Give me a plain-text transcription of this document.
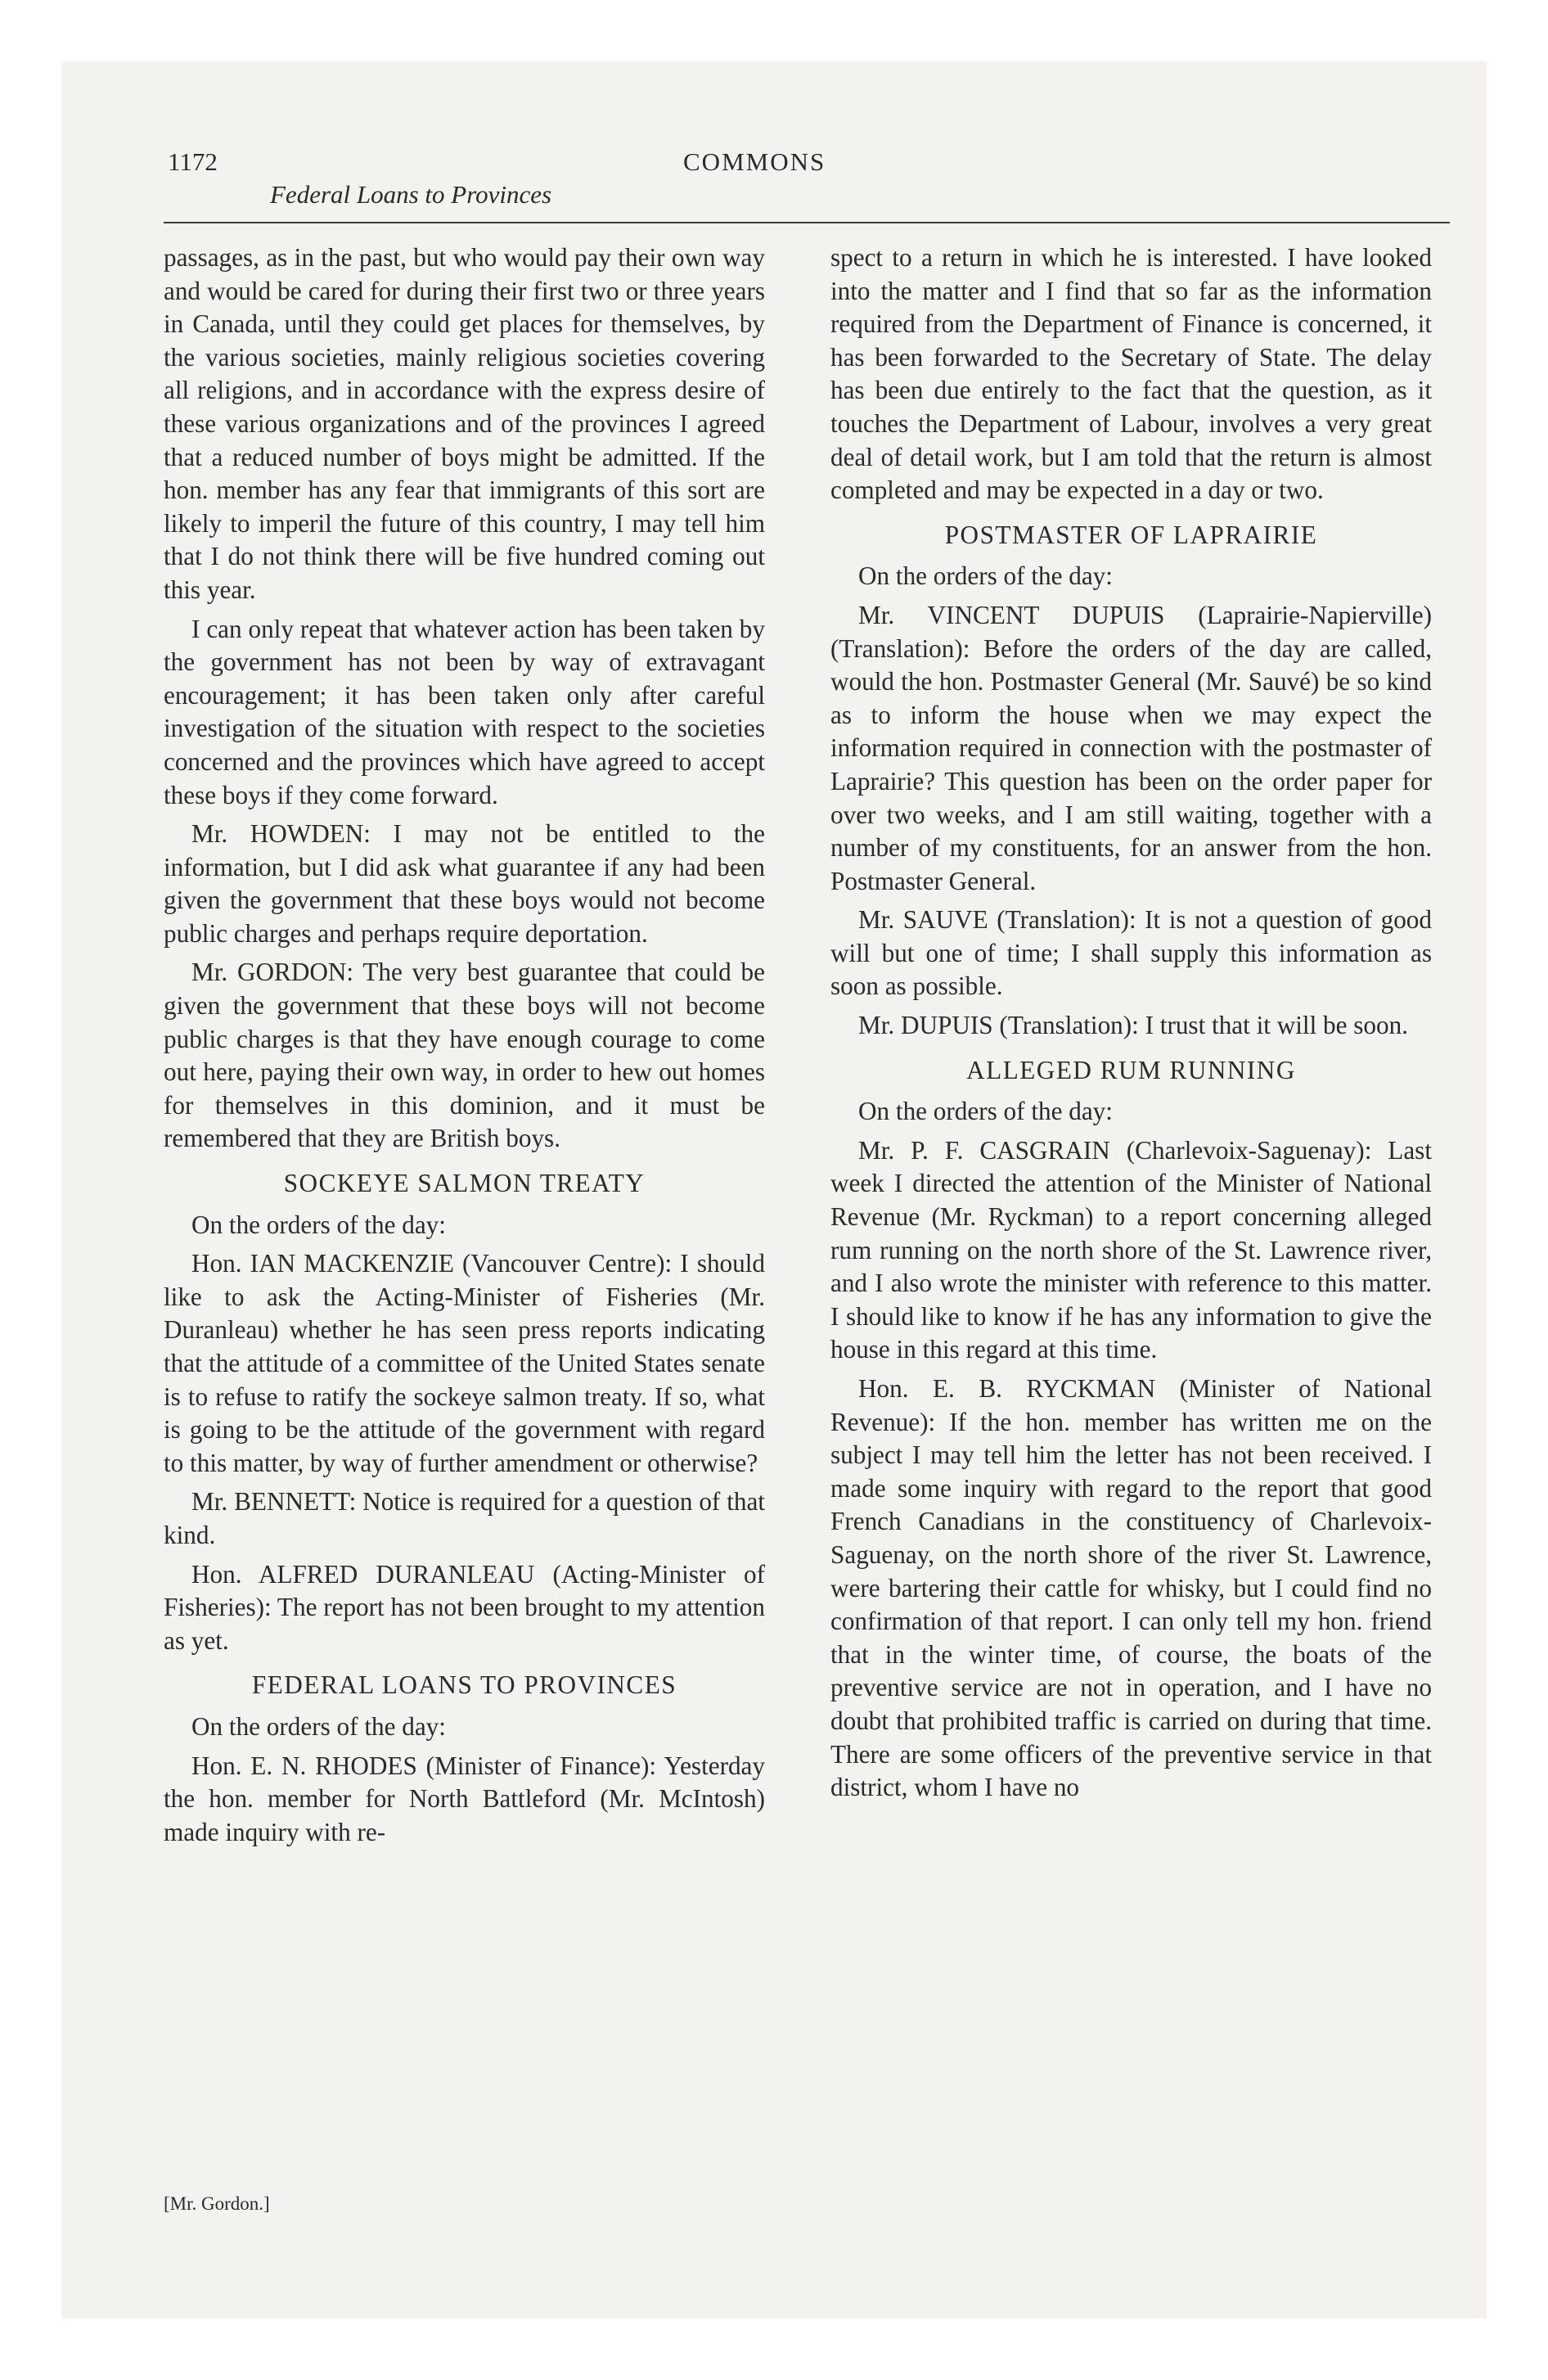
1172	COMMONS
Federal Loans to Provinces

passages, as in the past, but who would pay their own way and would be cared for during their first two or three years in Canada, until they could get places for themselves, by the various societies, mainly religious societies covering all religions, and in accordance with the express desire of these various organizations and of the provinces I agreed that a reduced number of boys might be admitted. If the hon. member has any fear that immigrants of this sort are likely to imperil the future of this country, I may tell him that I do not think there will be five hundred coming out this year.

I can only repeat that whatever action has been taken by the government has not been by way of extravagant encouragement; it has been taken only after careful investigation of the situation with respect to the societies concerned and the provinces which have agreed to accept these boys if they come forward.

Mr. HOWDEN: I may not be entitled to the information, but I did ask what guarantee if any had been given the government that these boys would not become public charges and perhaps require deportation.

Mr. GORDON: The very best guarantee that could be given the government that these boys will not become public charges is that they have enough courage to come out here, paying their own way, in order to hew out homes for themselves in this dominion, and it must be remembered that they are British boys.

SOCKEYE SALMON TREATY

On the orders of the day:

Hon. IAN MACKENZIE (Vancouver Centre): I should like to ask the Acting-Minister of Fisheries (Mr. Duranleau) whether he has seen press reports indicating that the attitude of a committee of the United States senate is to refuse to ratify the sockeye salmon treaty. If so, what is going to be the attitude of the government with regard to this matter, by way of further amendment or otherwise?

Mr. BENNETT: Notice is required for a question of that kind.

Hon. ALFRED DURANLEAU (Acting-Minister of Fisheries): The report has not been brought to my attention as yet.

FEDERAL LOANS TO PROVINCES

On the orders of the day:

Hon. E. N. RHODES (Minister of Finance): Yesterday the hon. member for North Battleford (Mr. McIntosh) made inquiry with re-

spect to a return in which he is interested. I have looked into the matter and I find that so far as the information required from the Department of Finance is concerned, it has been forwarded to the Secretary of State. The delay has been due entirely to the fact that the question, as it touches the Department of Labour, involves a very great deal of detail work, but I am told that the return is almost completed and may be expected in a day or two.

POSTMASTER OF LAPRAIRIE

On the orders of the day:

Mr. VINCENT DUPUIS (Laprairie-Napierville) (Translation): Before the orders of the day are called, would the hon. Postmaster General (Mr. Sauvé) be so kind as to inform the house when we may expect the information required in connection with the postmaster of Laprairie? This question has been on the order paper for over two weeks, and I am still waiting, together with a number of my constituents, for an answer from the hon. Postmaster General.

Mr. SAUVE (Translation): It is not a question of good will but one of time; I shall supply this information as soon as possible.

Mr. DUPUIS (Translation): I trust that it will be soon.

ALLEGED RUM RUNNING

On the orders of the day:

Mr. P. F. CASGRAIN (Charlevoix-Saguenay): Last week I directed the attention of the Minister of National Revenue (Mr. Ryckman) to a report concerning alleged rum running on the north shore of the St. Lawrence river, and I also wrote the minister with reference to this matter. I should like to know if he has any information to give the house in this regard at this time.

Hon. E. B. RYCKMAN (Minister of National Revenue): If the hon. member has written me on the subject I may tell him the letter has not been received. I made some inquiry with regard to the report that good French Canadians in the constituency of Charlevoix-Saguenay, on the north shore of the river St. Lawrence, were bartering their cattle for whisky, but I could find no confirmation of that report. I can only tell my hon. friend that in the winter time, of course, the boats of the preventive service are not in operation, and I have no doubt that prohibited traffic is carried on during that time. There are some officers of the preventive service in that district, whom I have no

[Mr. Gordon.]
